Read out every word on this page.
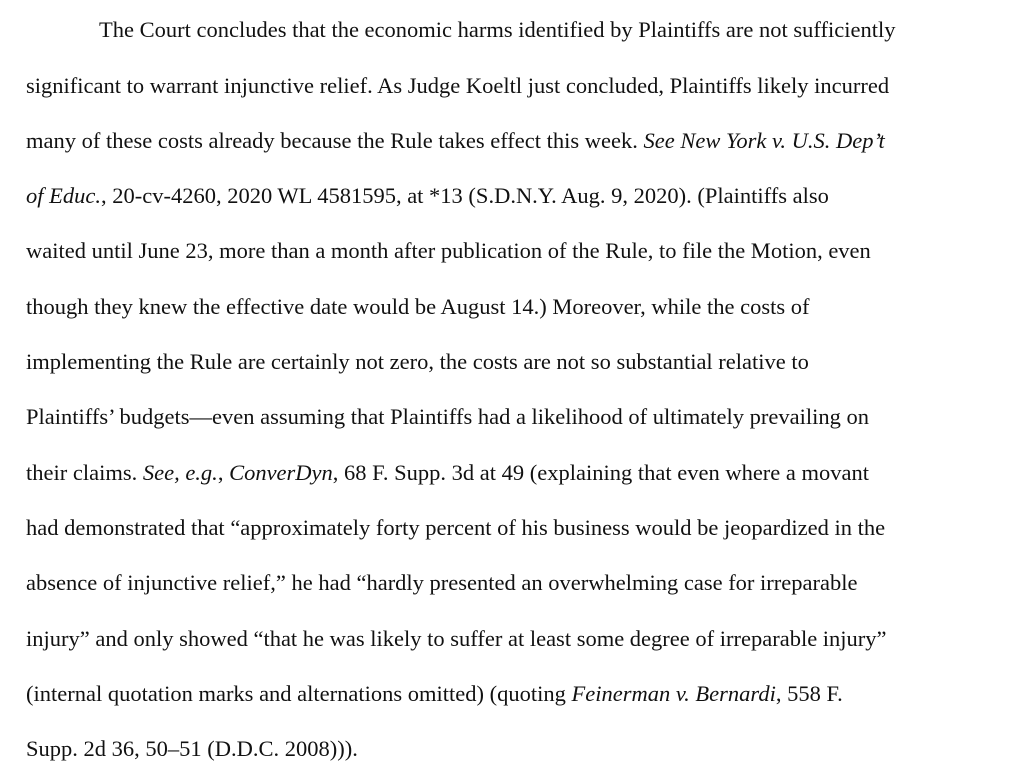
The Court concludes that the economic harms identified by Plaintiffs are not sufficiently
significant to warrant injunctive relief. As Judge Koeltl just concluded, Plaintiffs likely incurred
many of these costs already because the Rule takes effect this week. See New York v. U.S. Dep’t
of Educ., 20-cv-4260, 2020 WL 4581595, at *13 (S.D.N.Y. Aug. 9, 2020). (Plaintiffs also
waited until June 23, more than a month after publication of the Rule, to file the Motion, even
though they knew the effective date would be August 14.) Moreover, while the costs of
implementing the Rule are certainly not zero, the costs are not so substantial relative to
Plaintiffs’ budgets—even assuming that Plaintiffs had a likelihood of ultimately prevailing on
their claims. See, e.g., ConverDyn, 68 F. Supp. 3d at 49 (explaining that even where a movant
had demonstrated that “approximately forty percent of his business would be jeopardized in the
absence of injunctive relief,” he had “hardly presented an overwhelming case for irreparable
injury” and only showed “that he was likely to suffer at least some degree of irreparable injury”
(internal quotation marks and alternations omitted) (quoting Feinerman v. Bernardi, 558 F.
Supp. 2d 36, 50–51 (D.D.C. 2008))).
